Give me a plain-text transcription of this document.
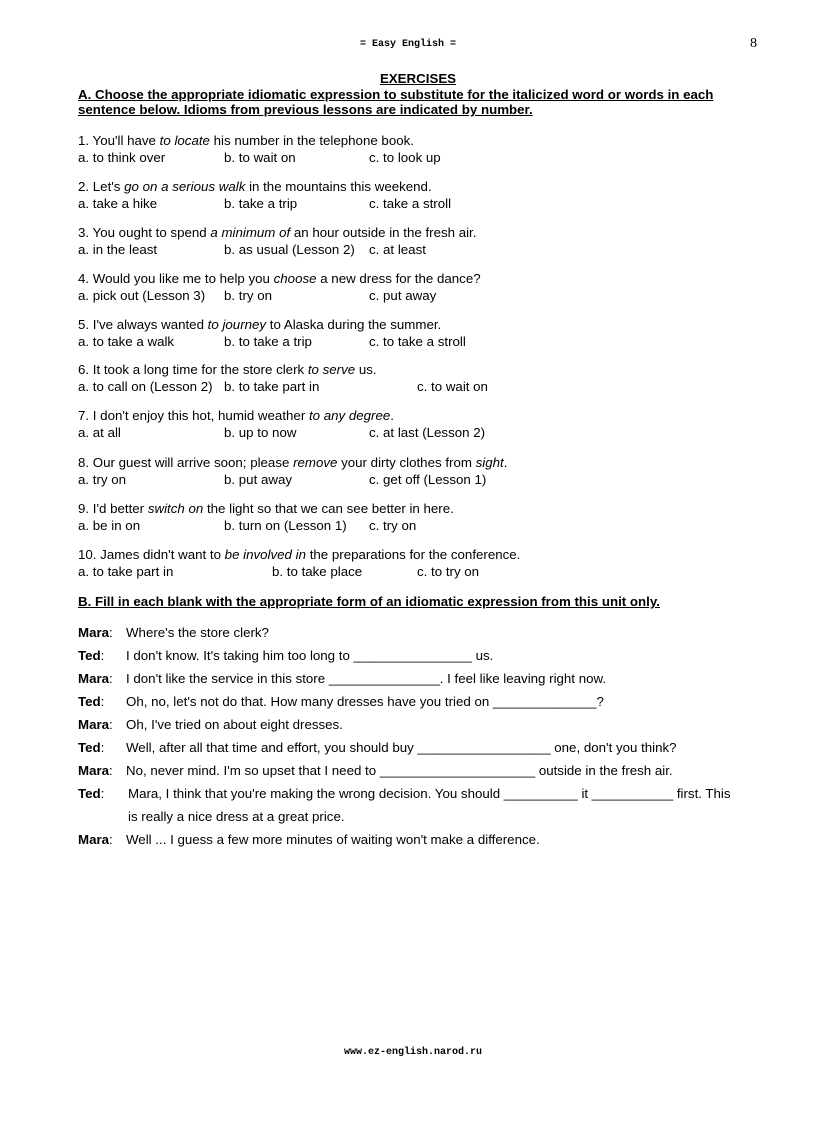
= Easy English =	8
EXERCISES
A. Choose the appropriate idiomatic expression to substitute for the italicized word or words in each sentence below. Idioms from previous lessons are indicated by number.
1. You'll have to locate his number in the telephone book.
a. to think over	b. to wait on	c. to look up
2. Let's go on a serious walk in the mountains this weekend.
a. take a hike	b. take a trip	c. take a stroll
3. You ought to spend a minimum of an hour outside in the fresh air.
a. in the least	b. as usual (Lesson 2) c. at least
4. Would you like me to help you choose a new dress for the dance?
a. pick out (Lesson 3) b. try on	c. put away
5. I've always wanted to journey to Alaska during the summer.
a. to take a walk	b. to take a trip	c. to take a stroll
6. It took a long time for the store clerk to serve us.
a. to call on (Lesson 2) b. to take part in	c. to wait on
7. I don't enjoy this hot, humid weather to any degree.
a. at all	b. up to now	c. at last (Lesson 2)
8. Our guest will arrive soon; please remove your dirty clothes from sight.
a. try on	b. put away	c. get off (Lesson 1)
9. I'd better switch on the light so that we can see better in here.
a. be in on	b. turn on (Lesson 1) c. try on
10. James didn't want to be involved in the preparations for the conference.
a. to take part in	b. to take place	c. to try on
B. Fill in each blank with the appropriate form of an idiomatic expression from this unit only.
Mara: Where's the store clerk?
Ted: I don't know. It's taking him too long to ________________ us.
Mara: I don't like the service in this store _______________. I feel like leaving right now.
Ted: Oh, no, let's not do that. How many dresses have you tried on ______________?
Mara: Oh, I've tried on about eight dresses.
Ted: Well, after all that time and effort, you should buy __________________ one, don't you think?
Mara: No, never mind. I'm so upset that I need to _____________________ outside in the fresh air.
Ted: Mara, I think that you're making the wrong decision. You should __________ it ___________ first. This
is really a nice dress at a great price.
Mara: Well ... I guess a few more minutes of waiting won't make a difference.
www.ez-english.narod.ru
